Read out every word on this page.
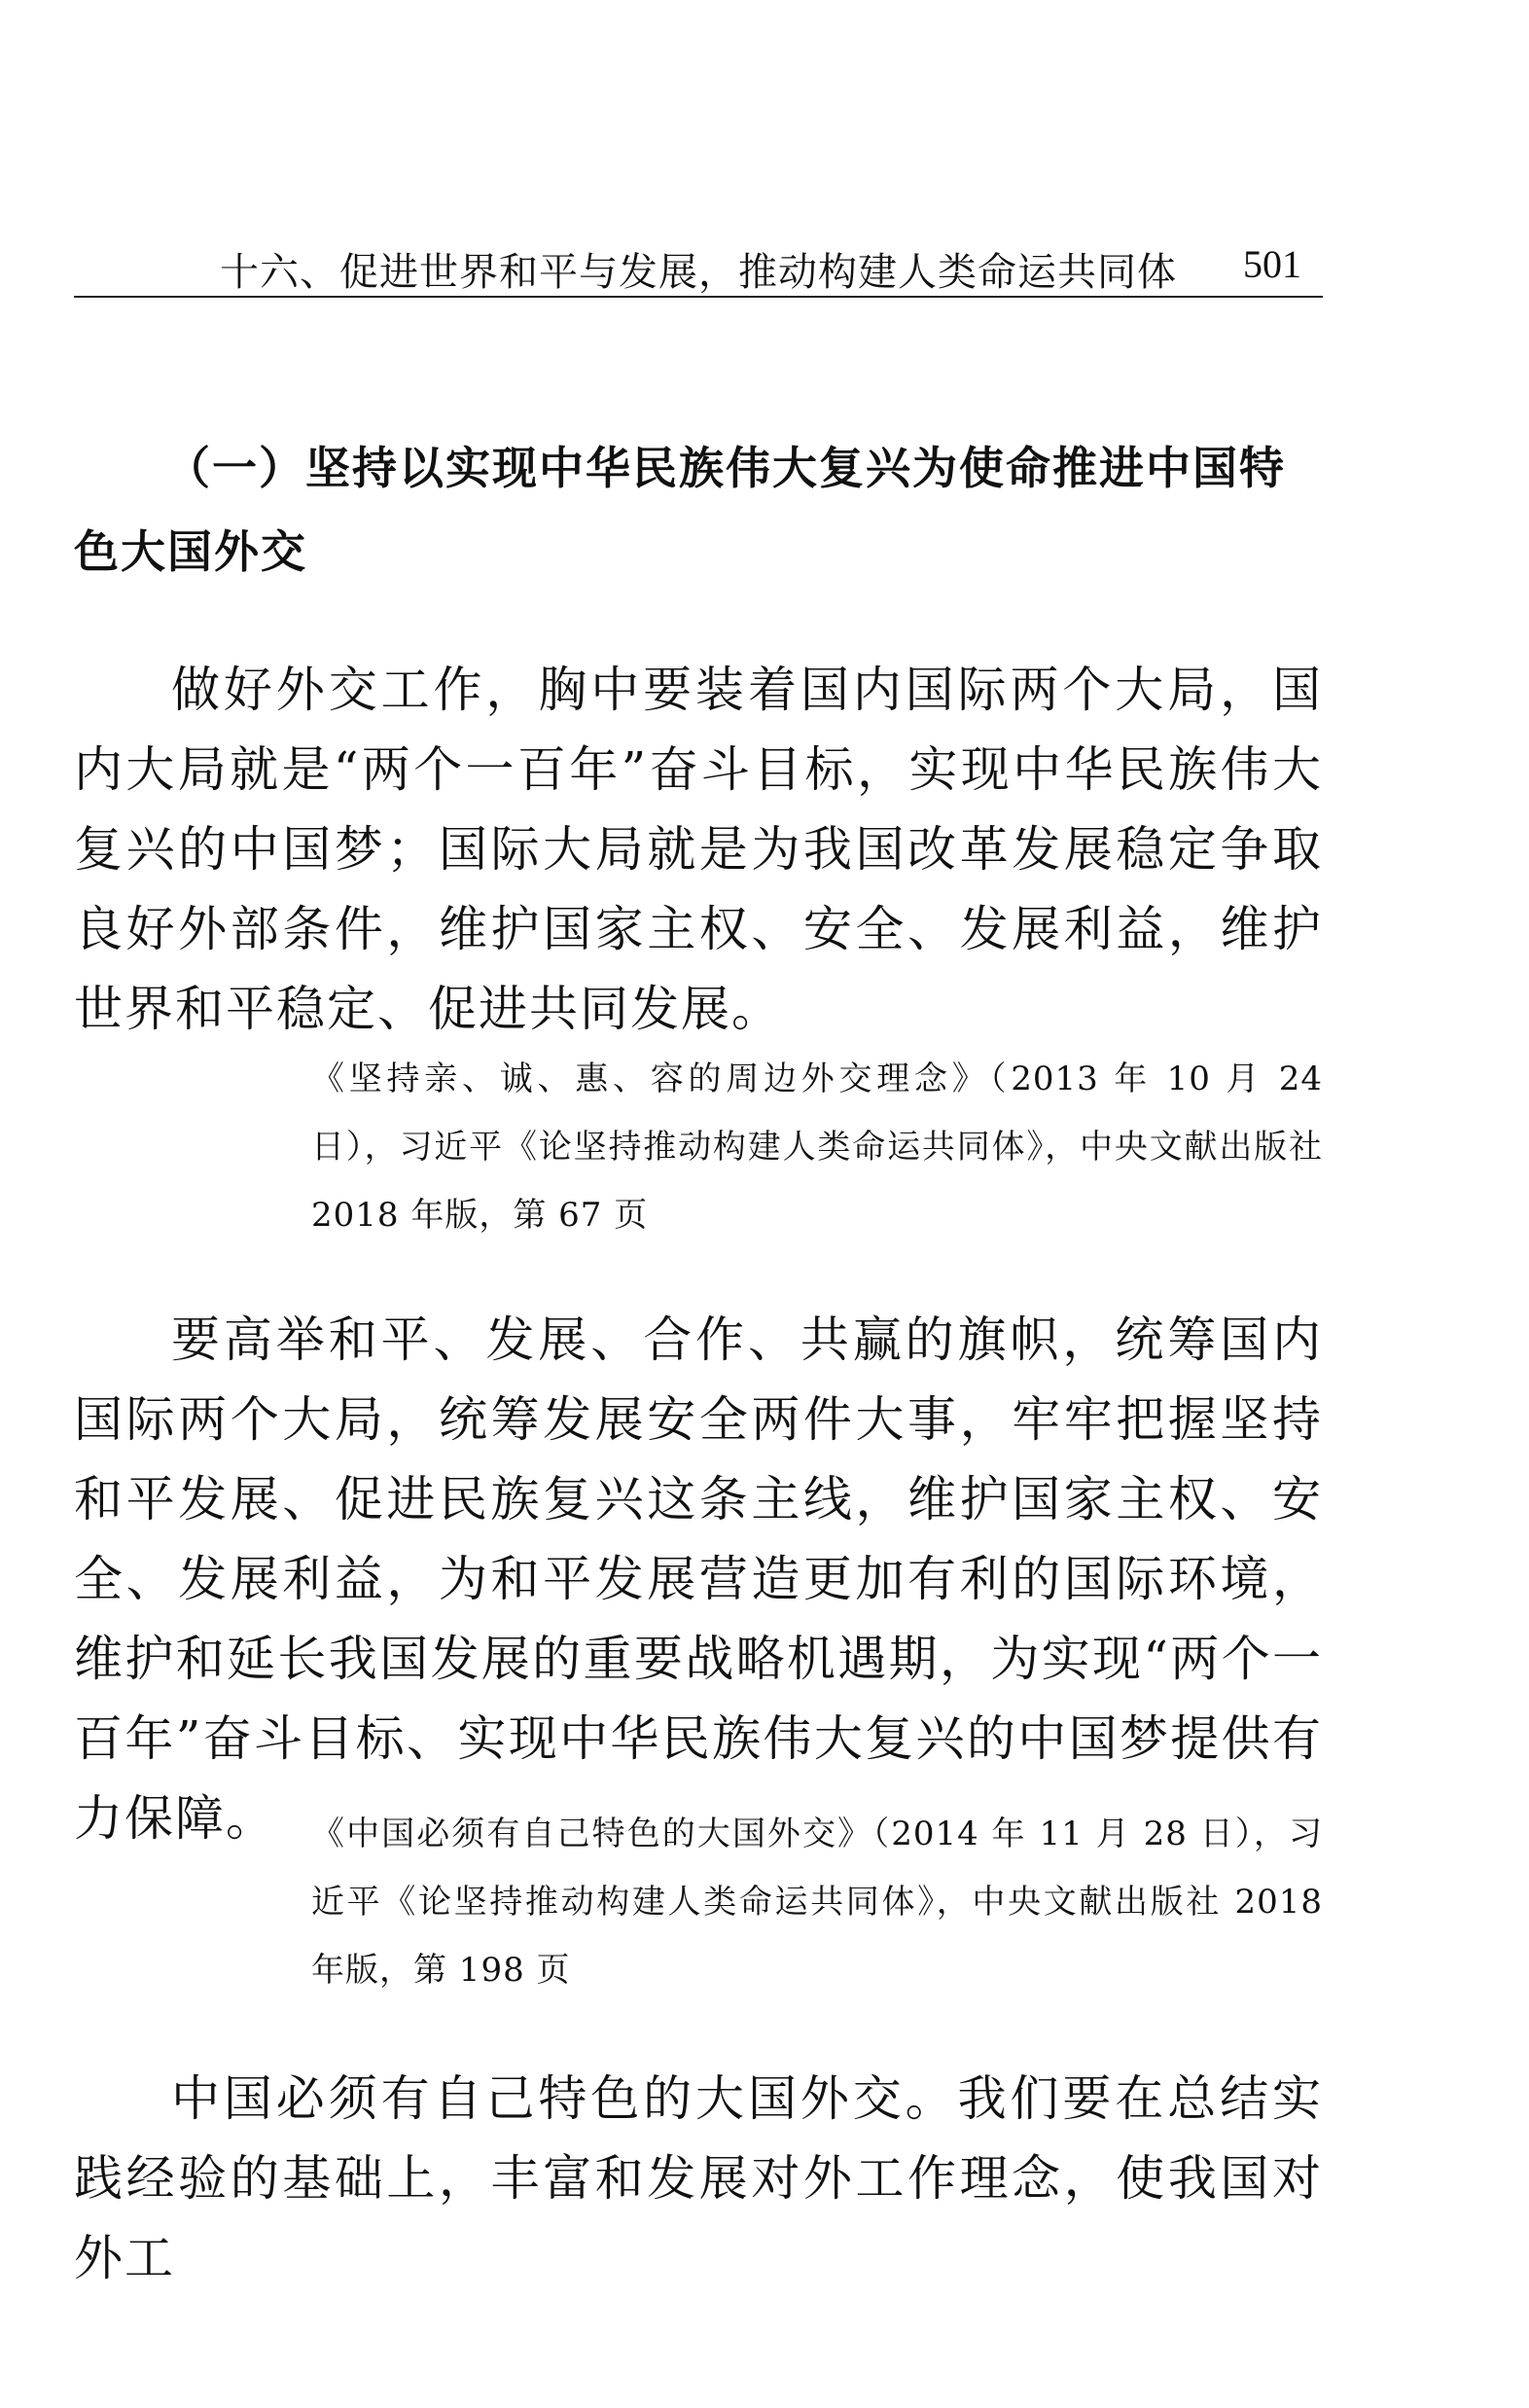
十六、促进世界和平与发展，推动构建人类命运共同体 501
（一）坚持以实现中华民族伟大复兴为使命推进中国特色大国外交

做好外交工作，胸中要装着国内国际两个大局，国内大局就是“两个一百年”奋斗目标，实现中华民族伟大复兴的中国梦；国际大局就是为我国改革发展稳定争取良好外部条件，维护国家主权、安全、发展利益，维护世界和平稳定、促进共同发展。

《坚持亲、诚、惠、容的周边外交理念》（2013 年 10 月 24 日），习近平《论坚持推动构建人类命运共同体》，中央文献出版社 2018 年版，第 67 页

要高举和平、发展、合作、共赢的旗帜，统筹国内国际两个大局，统筹发展安全两件大事，牢牢把握坚持和平发展、促进民族复兴这条主线，维护国家主权、安全、发展利益，为和平发展营造更加有利的国际环境，维护和延长我国发展的重要战略机遇期，为实现“两个一百年”奋斗目标、实现中华民族伟大复兴的中国梦提供有力保障。	《中国必须有自己特色的大国外交》（2014 年 11 月 28 日），习近平《论坚持推动构建人类命运共同体》，中央文献出版社 2018 年版，第 198 页

中国必须有自己特色的大国外交。我们要在总结实践经验的基础上，丰富和发展对外工作理念，使我国对外工
